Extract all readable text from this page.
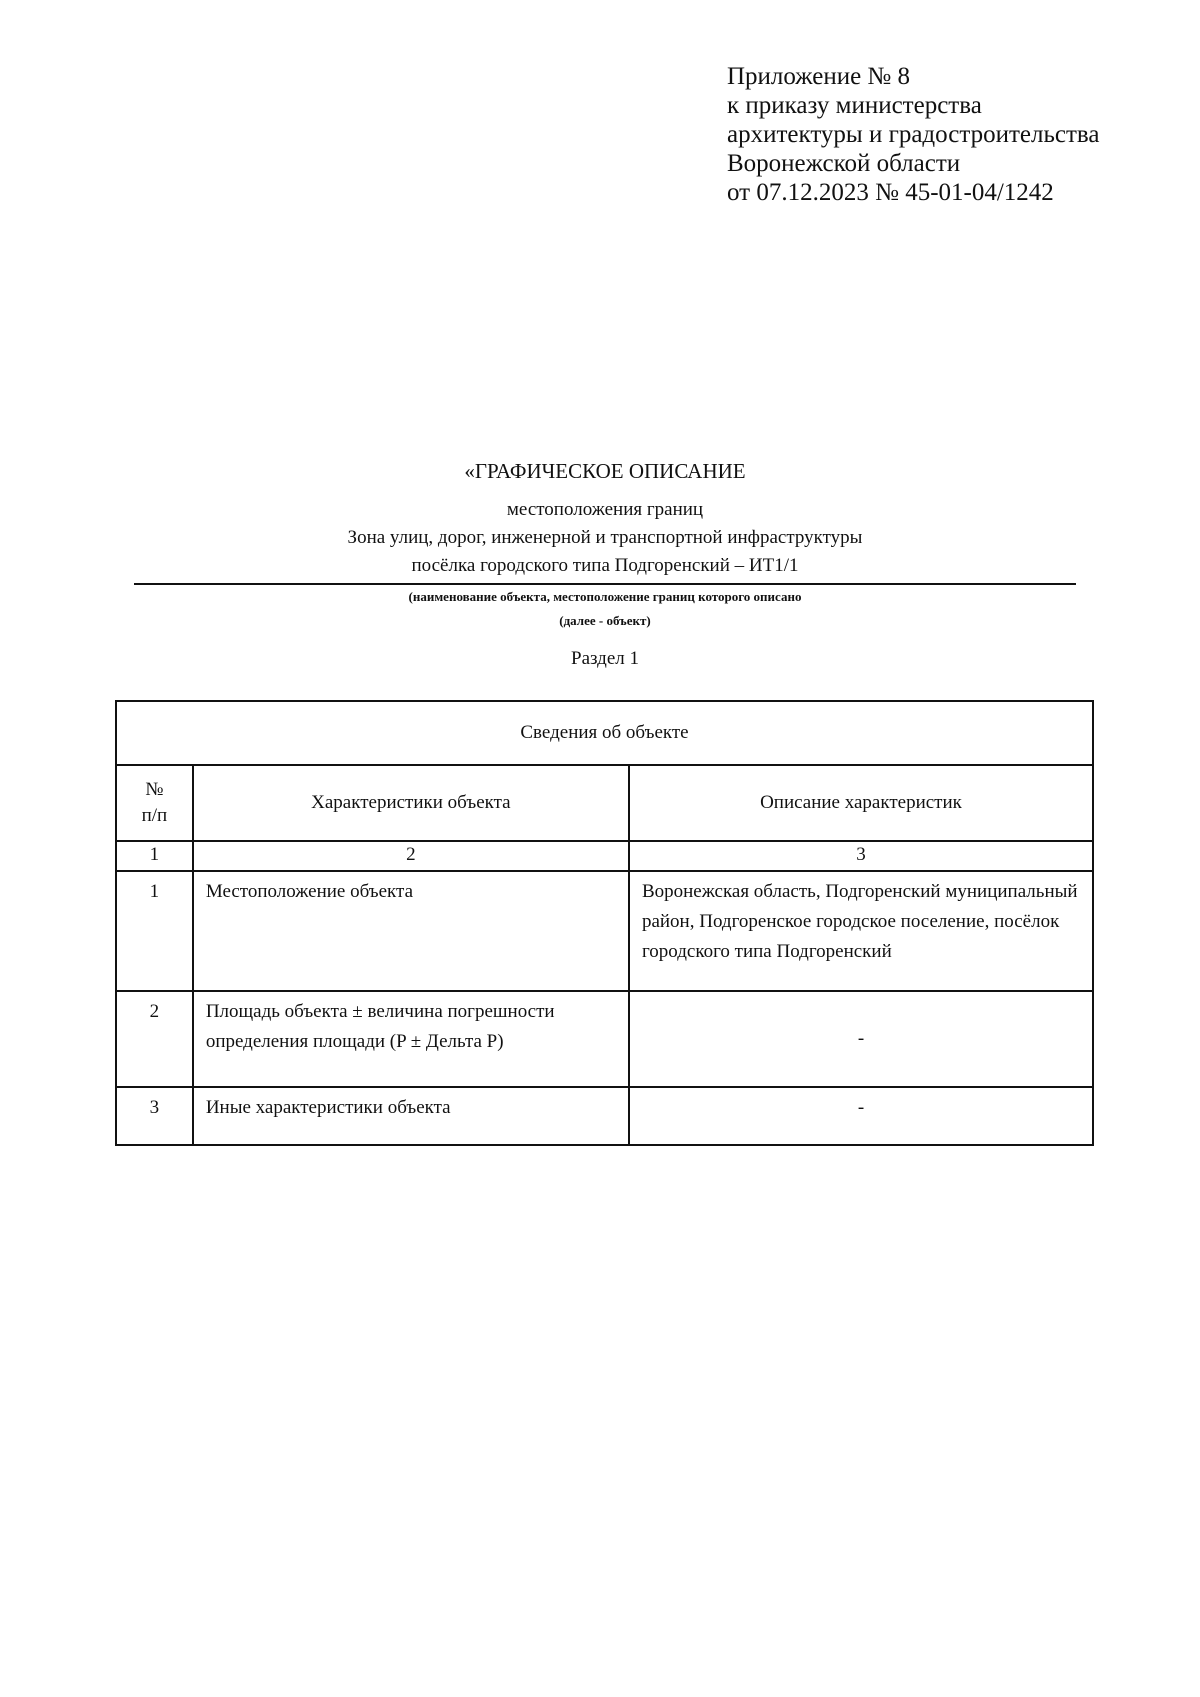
Приложение № 8
к приказу министерства
архитектуры и градостроительства
Воронежской области
от 07.12.2023 № 45-01-04/1242
«ГРАФИЧЕСКОЕ ОПИСАНИЕ
местоположения границ
Зона улиц, дорог, инженерной и транспортной инфраструктуры
посёлка городского типа Подгоренский – ИТ1/1
(наименование объекта, местоположение границ которого описано
(далее - объект)
Раздел 1
Сведения об объекте		

№
п/п	Характеристики объекта	Описание характеристик
1	2	3
1	Местоположение объекта	Воронежская область, Подгоренский муниципальный район, Подгоренское городское поселение, посёлок городского типа Подгоренский
2	Площадь объекта ± величина погрешности определения площади (P ± Дельта P)	-
3	Иные характеристики объекта	-
